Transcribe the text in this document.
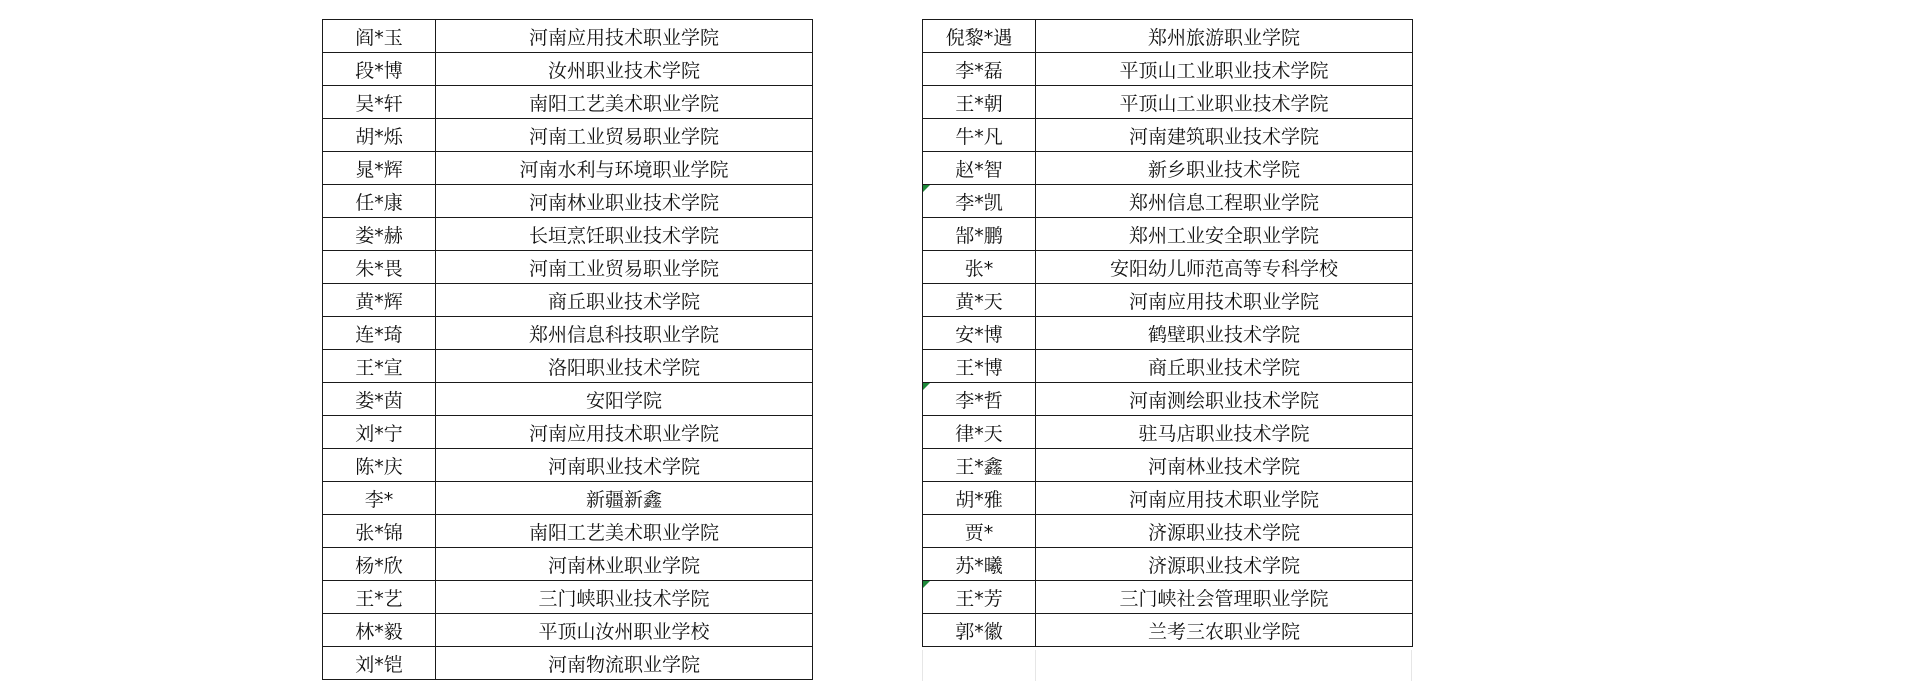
阎*玉	河南应用技术职业学院
段*博	汝州职业技术学院
吴*轩	南阳工艺美术职业学院
胡*烁	河南工业贸易职业学院
晁*辉	河南水利与环境职业学院
任*康	河南林业职业技术学院
娄*赫	长垣烹饪职业技术学院
朱*畏	河南工业贸易职业学院
黄*辉	商丘职业技术学院
连*琦	郑州信息科技职业学院
王*宣	洛阳职业技术学院
娄*茵	安阳学院
刘*宁	河南应用技术职业学院
陈*庆	河南职业技术学院
李*	新疆新鑫
张*锦	南阳工艺美术职业学院
杨*欣	河南林业职业学院
王*艺	三门峡职业技术学院
林*毅	平顶山汝州职业学校
刘*铠	河南物流职业学院
倪黎*遇	郑州旅游职业学院
李*磊	平顶山工业职业技术学院
王*朝	平顶山工业职业技术学院
牛*凡	河南建筑职业技术学院
赵*智	新乡职业技术学院
李*凯	郑州信息工程职业学院
郜*鹏	郑州工业安全职业学院
张*	安阳幼儿师范高等专科学校
黄*天	河南应用技术职业学院
安*博	鹤壁职业技术学院
王*博	商丘职业技术学院
李*哲	河南测绘职业技术学院
律*天	驻马店职业技术学院
王*鑫	河南林业技术学院
胡*雅	河南应用技术职业学院
贾*	济源职业技术学院
苏*曦	济源职业技术学院
王*芳	三门峡社会管理职业学院
郭*徽	兰考三农职业学院
